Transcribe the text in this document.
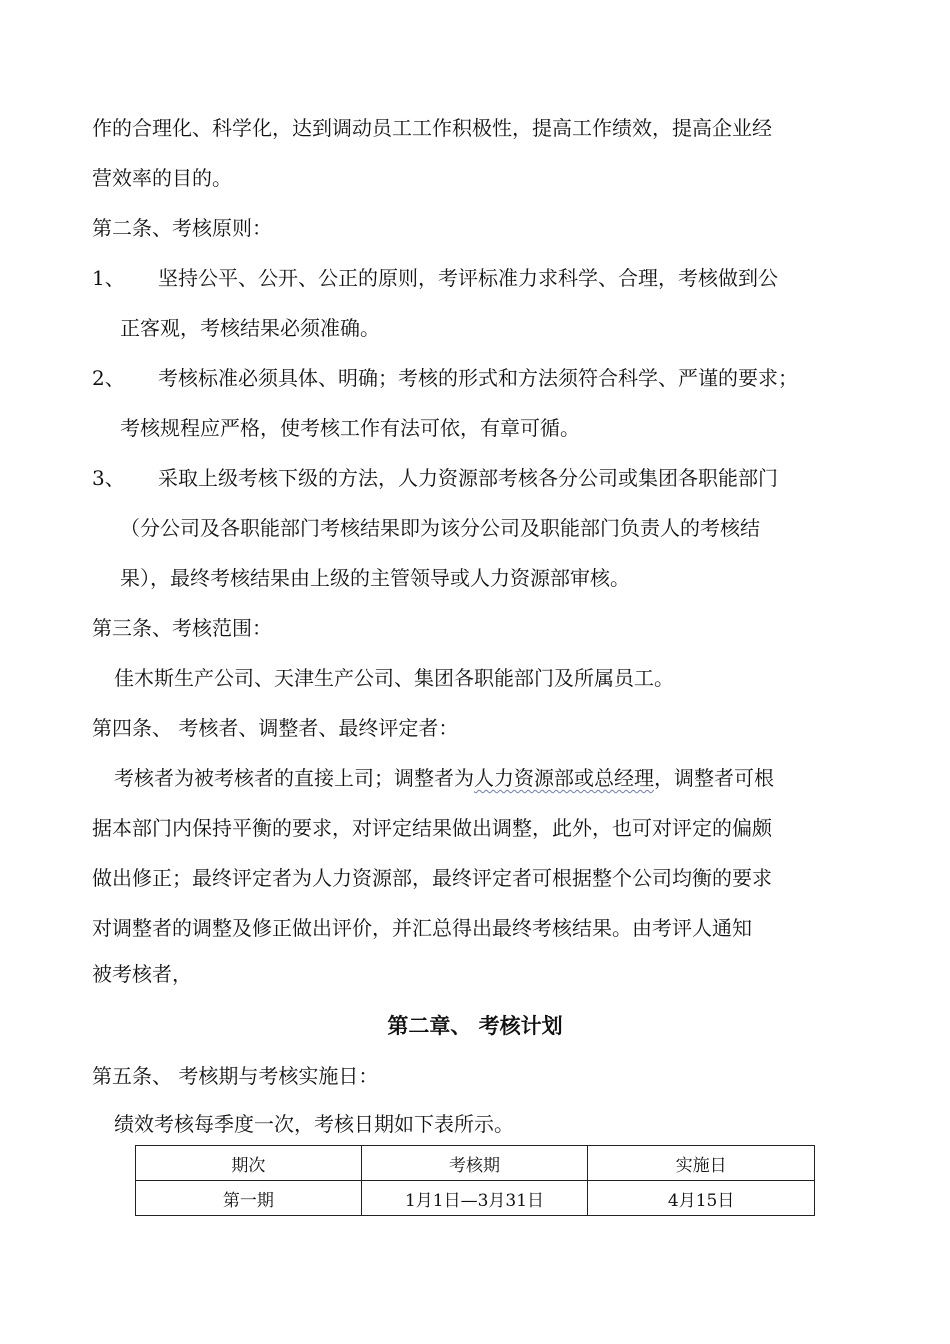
作的合理化、科学化，达到调动员工工作积极性，提高工作绩效，提高企业经
营效率的目的。
第二条、考核原则：
1、 坚持公平、公开、公正的原则，考评标准力求科学、合理，考核做到公
正客观，考核结果必须准确。
2、 考核标准必须具体、明确；考核的形式和方法须符合科学、严谨的要求；
考核规程应严格，使考核工作有法可依，有章可循。
3、 采取上级考核下级的方法，人力资源部考核各分公司或集团各职能部门
（分公司及各职能部门考核结果即为该分公司及职能部门负责人的考核结
果），最终考核结果由上级的主管领导或人力资源部审核。
第三条、考核范围：
佳木斯生产公司、天津生产公司、集团各职能部门及所属员工。
第四条、 考核者、调整者、最终评定者：
考核者为被考核者的直接上司；调整者为人力资源部或总经理，调整者可根
据本部门内保持平衡的要求，对评定结果做出调整，此外，也可对评定的偏颇
做出修正；最终评定者为人力资源部，最终评定者可根据整个公司均衡的要求
对调整者的调整及修正做出评价，并汇总得出最终考核结果。由考评人通知
被考核者，
第二章、 考核计划
第五条、 考核期与考核实施日：
绩效考核每季度一次，考核日期如下表所示。
期次	考核期	实施日
第一期	1月1日—3月31日	4月15日
